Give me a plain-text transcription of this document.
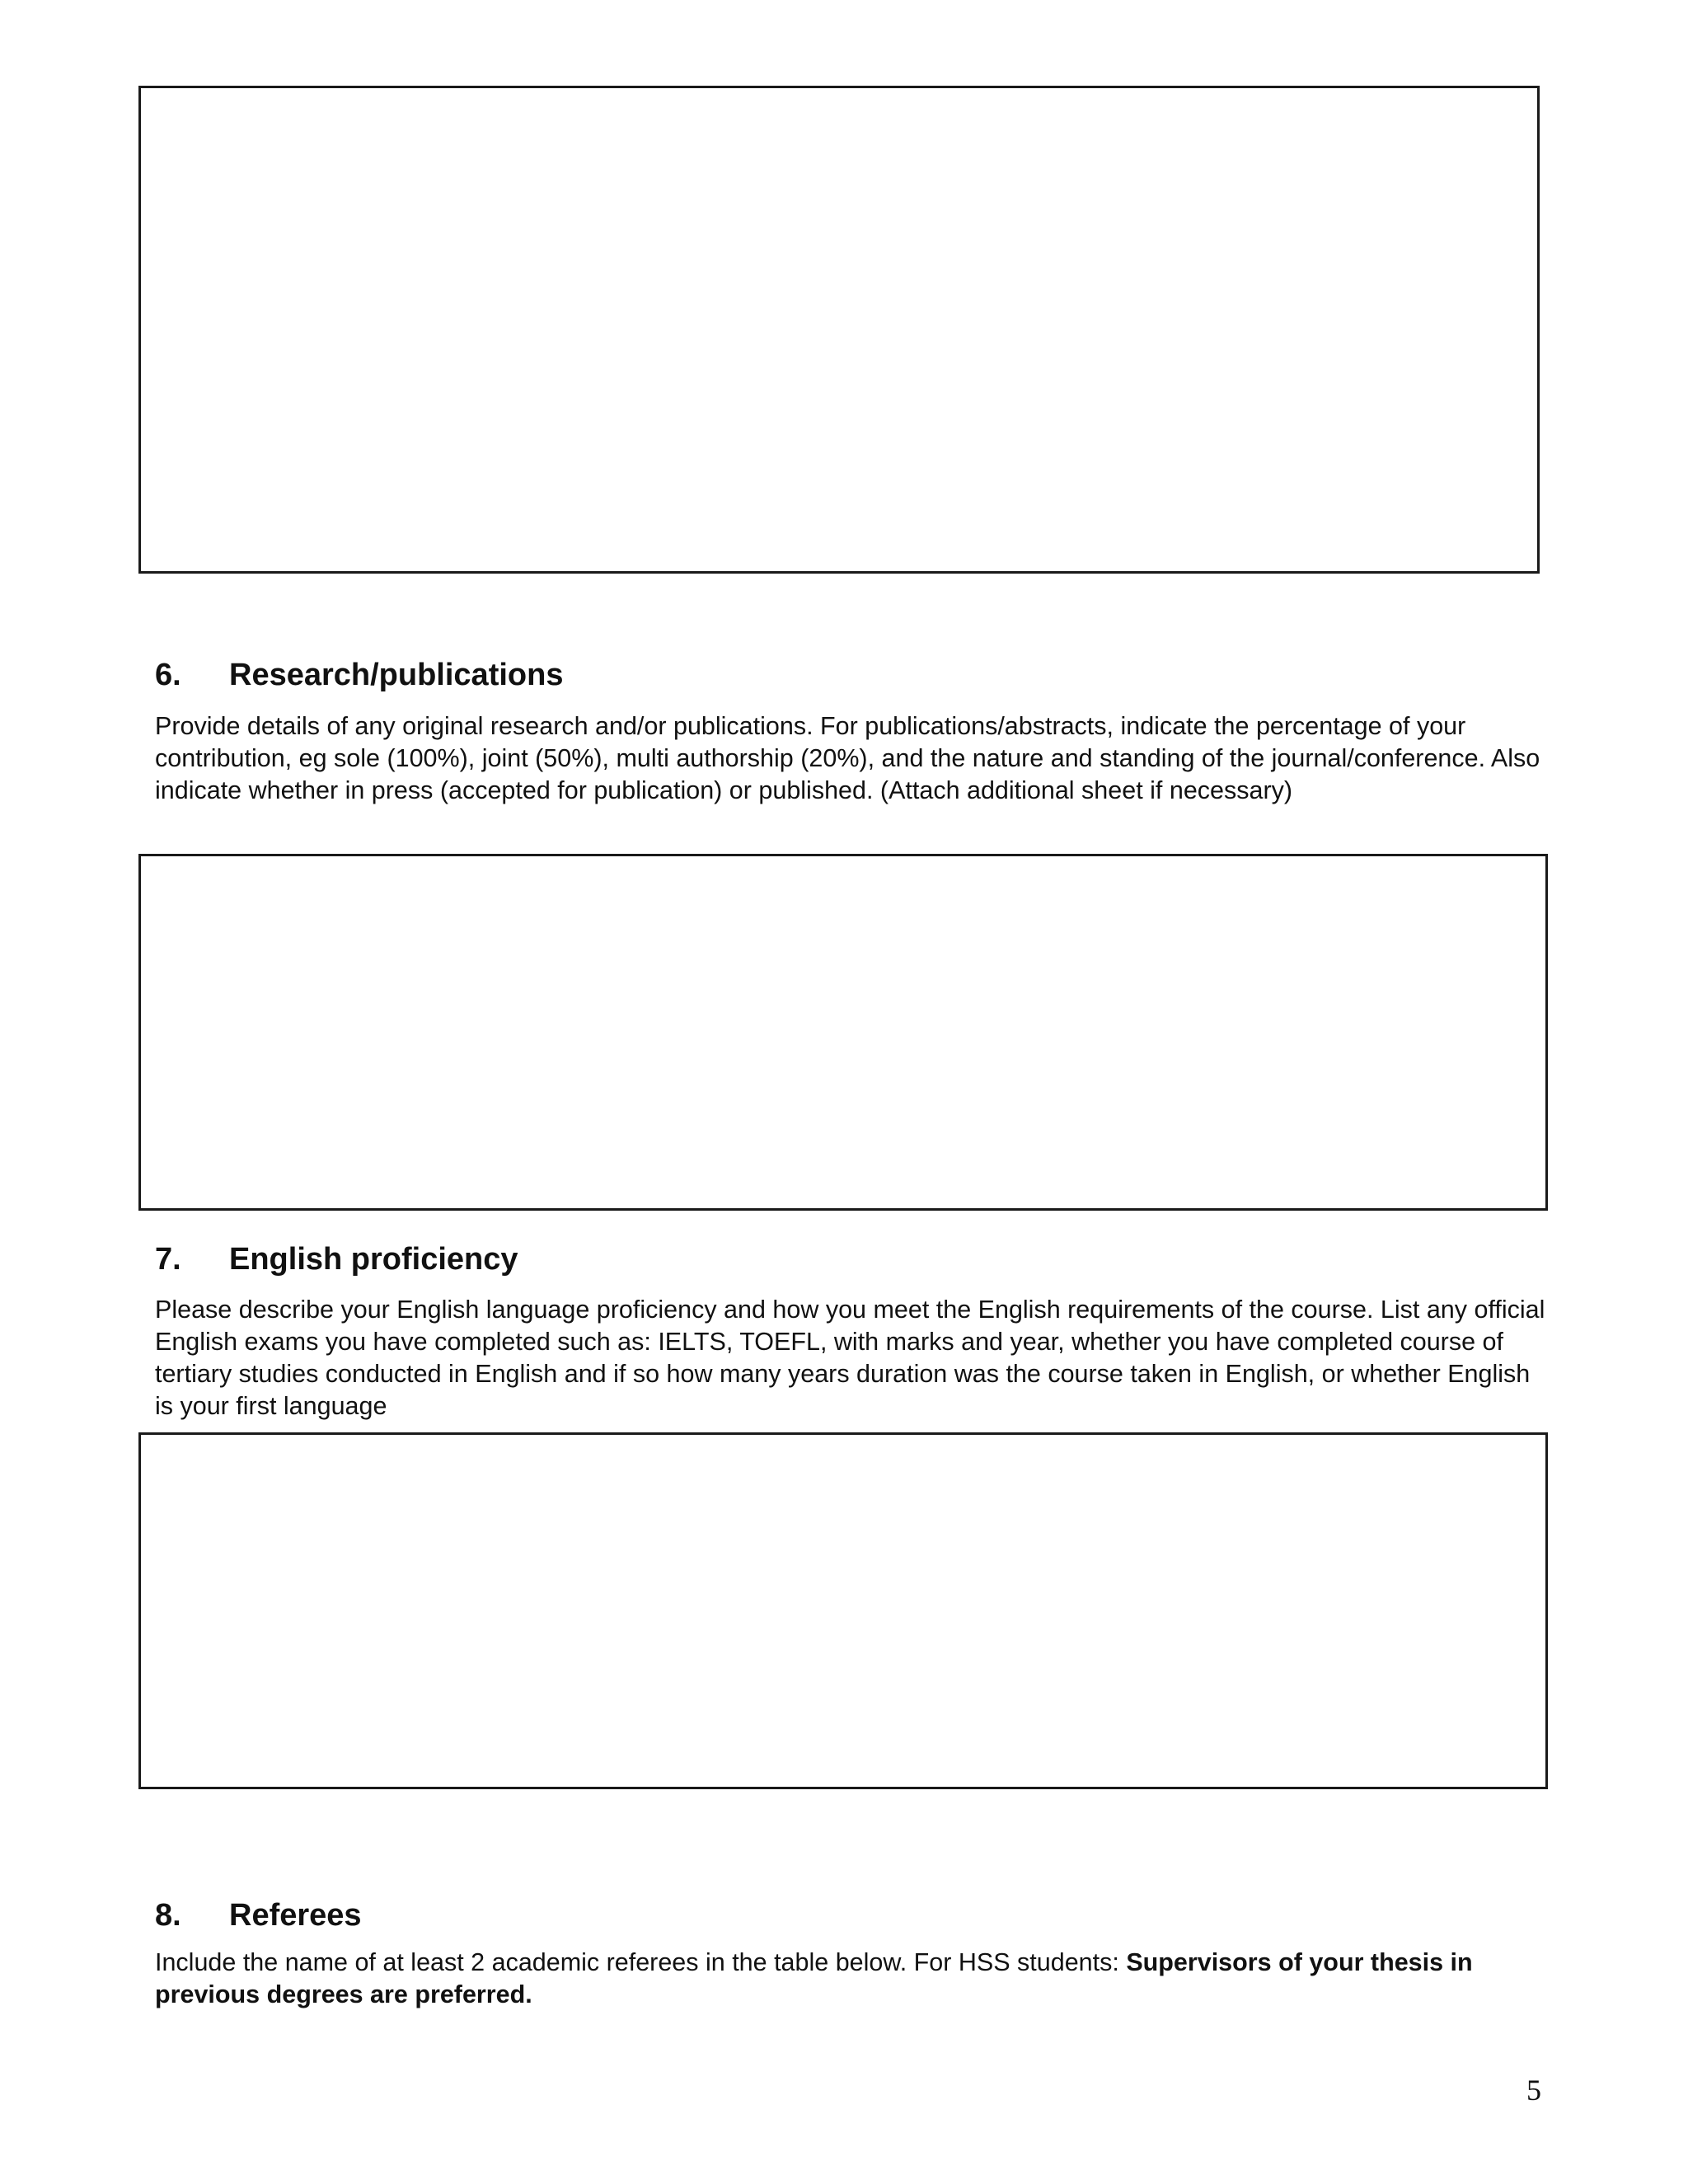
6. Research/publications

Provide details of any original research and/or publications. For publications/abstracts, indicate the percentage of your contribution, eg sole (100%), joint (50%), multi authorship (20%), and the nature and standing of the journal/conference. Also indicate whether in press (accepted for publication) or published. (Attach additional sheet if necessary)

7. English proficiency

Please describe your English language proficiency and how you meet the English requirements of the course. List any official English exams you have completed such as: IELTS, TOEFL, with marks and year, whether you have completed course of tertiary studies conducted in English and if so how many years duration was the course taken in English, or whether English is your first language

8. Referees

Include the name of at least 2 academic referees in the table below. For HSS students: Supervisors of your thesis in previous degrees are preferred.

5
